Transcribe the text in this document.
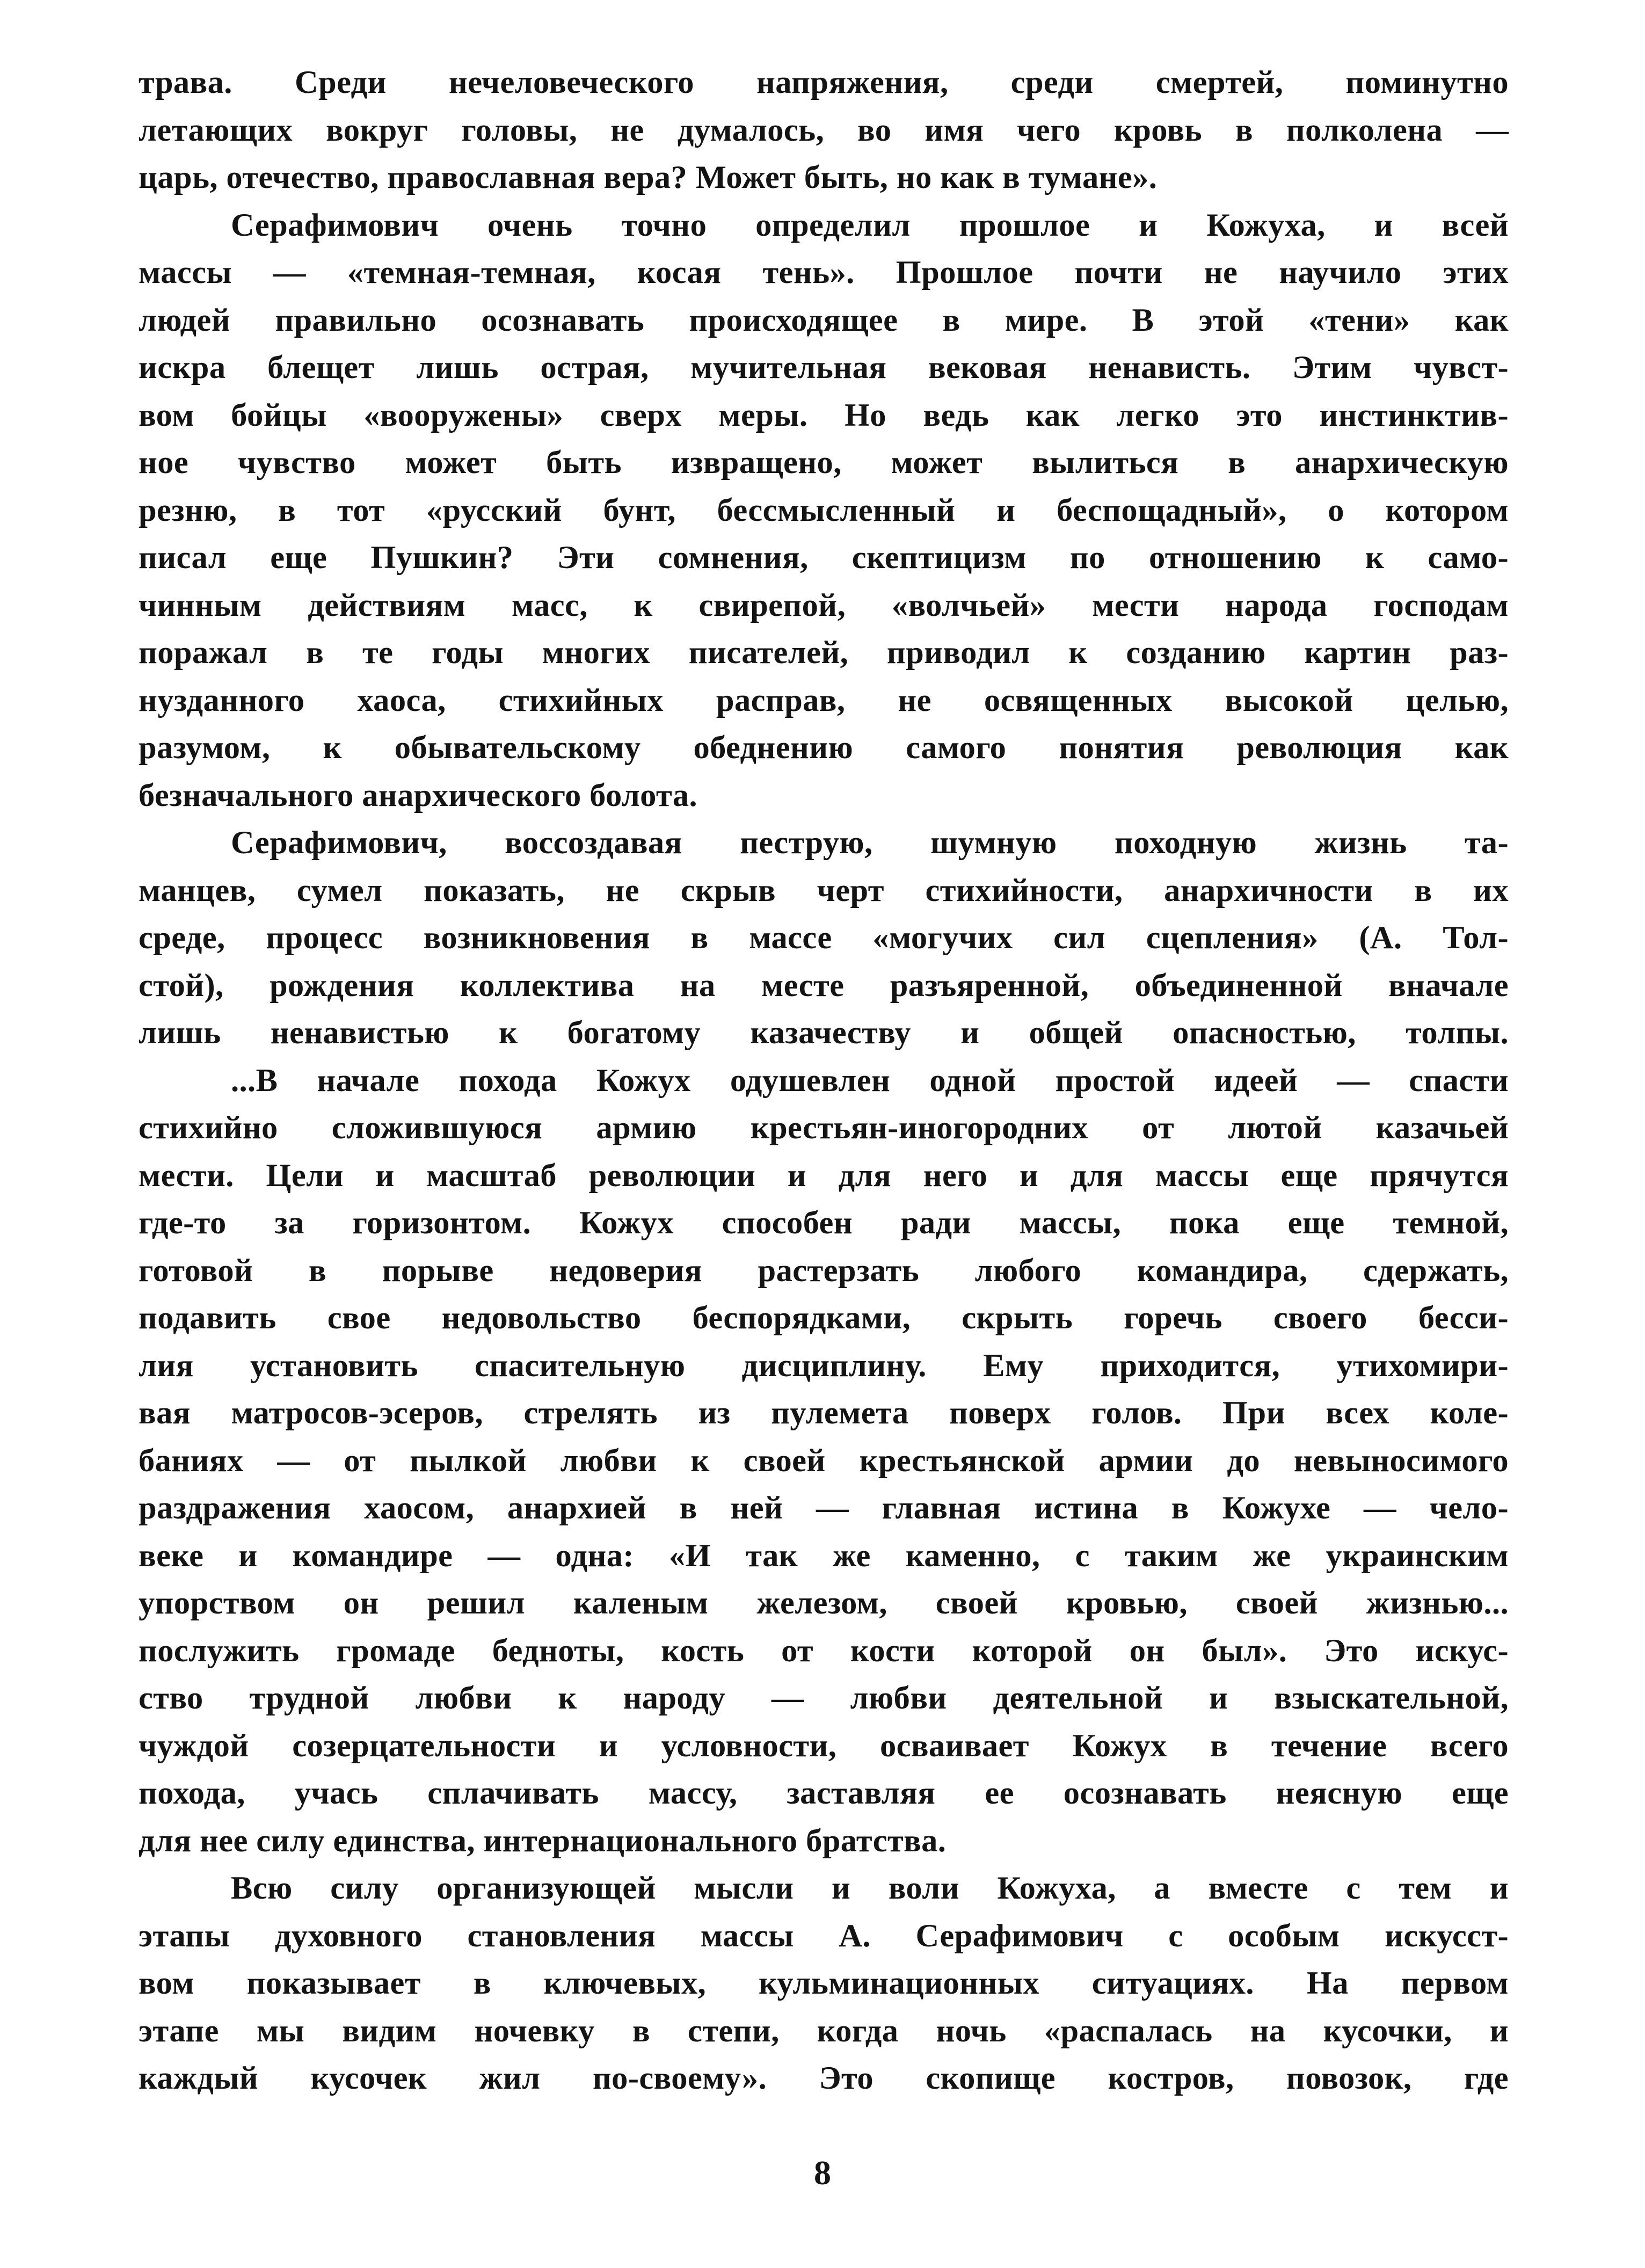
трава. Среди нечеловеческого напряжения, среди смертей, поминутно

летающих вокруг головы, не думалось, во имя чего кровь в полколена —

царь, отечество, православная вера? Может быть, но как в тумане».

Серафимович очень точно определил прошлое и Кожуха, и всей

массы — «темная-темная, косая тень». Прошлое почти не научило этих

людей правильно осознавать происходящее в мире. В этой «тени» как

искра блещет лишь острая, мучительная вековая ненависть. Этим чувст-

вом бойцы «вооружены» сверх меры. Но ведь как легко это инстинктив-

ное чувство может быть извращено, может вылиться в анархическую

резню, в тот «русский бунт, бессмысленный и беспощадный», о котором

писал еще Пушкин? Эти сомнения, скептицизм по отношению к само-

чинным действиям масс, к свирепой, «волчьей» мести народа господам

поражал в те годы многих писателей, приводил к созданию картин раз-

нузданного хаоса, стихийных расправ, не освященных высокой целью,

разумом, к обывательскому обеднению самого понятия революция как

безначального анархического болота.

Серафимович, воссоздавая пеструю, шумную походную жизнь та-

манцев, сумел показать, не скрыв черт стихийности, анархичности в их

среде, процесс возникновения в массе «могучих сил сцепления» (А. Тол-

стой), рождения коллектива на месте разъяренной, объединенной вначале

лишь ненавистью к богатому казачеству и общей опасностью, толпы.

...В начале похода Кожух одушевлен одной простой идеей — спасти

стихийно сложившуюся армию крестьян-иногородних от лютой казачьей

мести. Цели и масштаб революции и для него и для массы еще прячутся

где-то за горизонтом. Кожух способен ради массы, пока еще темной,

готовой в порыве недоверия растерзать любого командира, сдержать,

подавить свое недовольство беспорядками, скрыть горечь своего бесси-

лия установить спасительную дисциплину. Ему приходится, утихомири-

вая матросов-эсеров, стрелять из пулемета поверх голов. При всех коле-

баниях — от пылкой любви к своей крестьянской армии до невыносимого

раздражения хаосом, анархией в ней — главная истина в Кожухе — чело-

веке и командире — одна: «И так же каменно, с таким же украинским

упорством он решил каленым железом, своей кровью, своей жизнью...

послужить громаде бедноты, кость от кости которой он был». Это искус-

ство трудной любви к народу — любви деятельной и взыскательной,

чуждой созерцательности и условности, осваивает Кожух в течение всего

похода, учась сплачивать массу, заставляя ее осознавать неясную еще

для нее силу единства, интернационального братства.

Всю силу организующей мысли и воли Кожуха, а вместе с тем и

этапы духовного становления массы А. Серафимович с особым искусст-

вом показывает в ключевых, кульминационных ситуациях. На первом

этапе мы видим ночевку в степи, когда ночь «распалась на кусочки, и

каждый кусочек жил по-своему». Это скопище костров, повозок, где

8
